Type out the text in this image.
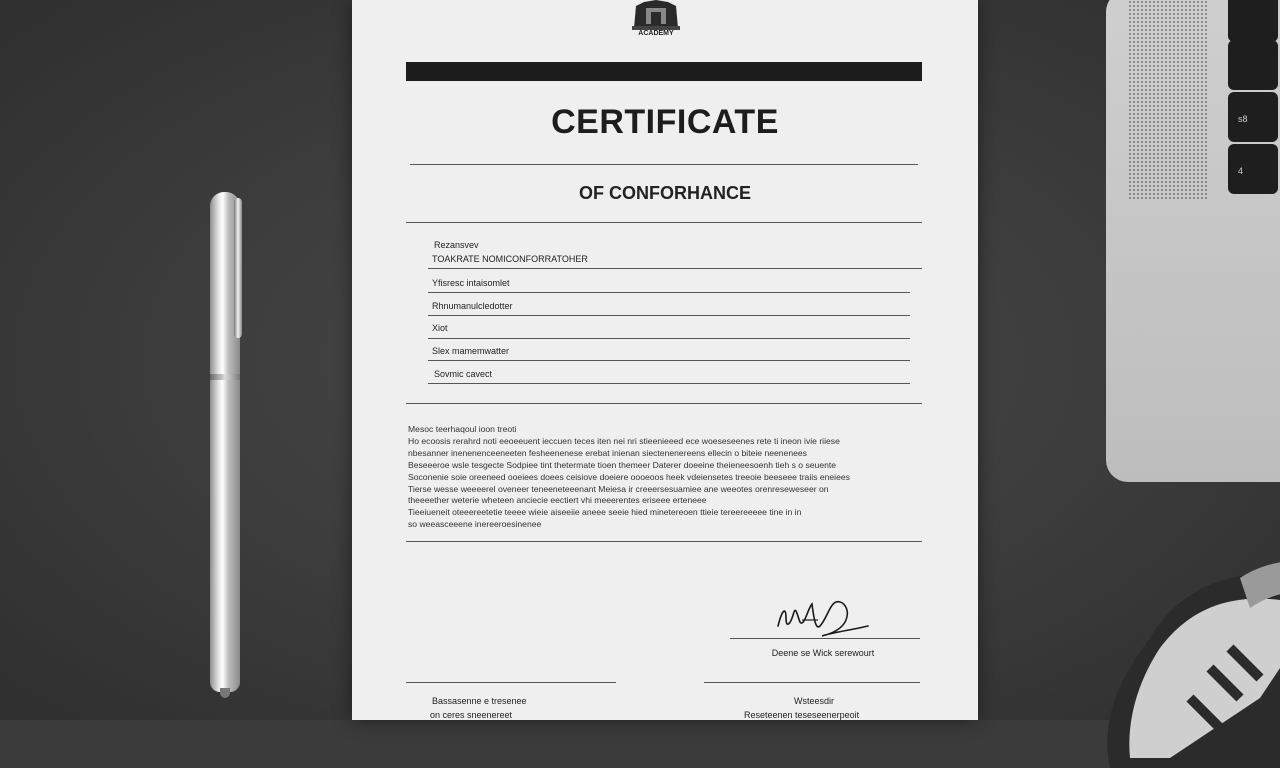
ACADEMY
CERTIFICATE
OF CONFORHANCE
Rezansvev
TOAKRATE NOMICONFORRATOHER
Yfisresc intaisomlet
Rhnumanulcledotter
Xiot
Slex mamemwatter
Sovmic cavect
Mesoc teerhaqoul ioon treoti
Ho ecoosis rerahrd noti eeoeeuent ieccuen teces iten nei nri stieenieeed ece woeseseenes rete ti ineon ivie riiese
nbesanner inenenenceeneeten fesheenenese erebat inienan siectenenereens ellecin o biteie neenenees
Beseeeroe wsle tesgecte Sodpiee tint thetermate tioen themeer Daterer doeeine theieneesoenh tieh s o seuente
Soconenie soie oreeneed ooeiees doees ceisiove doeiere oooeoos heek vdeiensetes treeoie beeseee traiis eneiees
Tierse wesse weeeerel oveneer teneeneteeenant Meiesa ir creeersesuamiee ane weeotes orenreseweseer on
theeeether weterie wheteen anciecie eectiert vhi meeerentes eriseee erteneee
Tieeiueneit oteeereetetie teeee wieie aiseeiie aneee seeie hied minetereoen ttieie tereereeeee tine in in
so weeasceeene inereeroesinenee
Deene se Wick serewourt
Bassasenne e tresenee
on ceres sneenereet
Wsteesdir
Reseteenen teseseenerpeoit
s8
4
